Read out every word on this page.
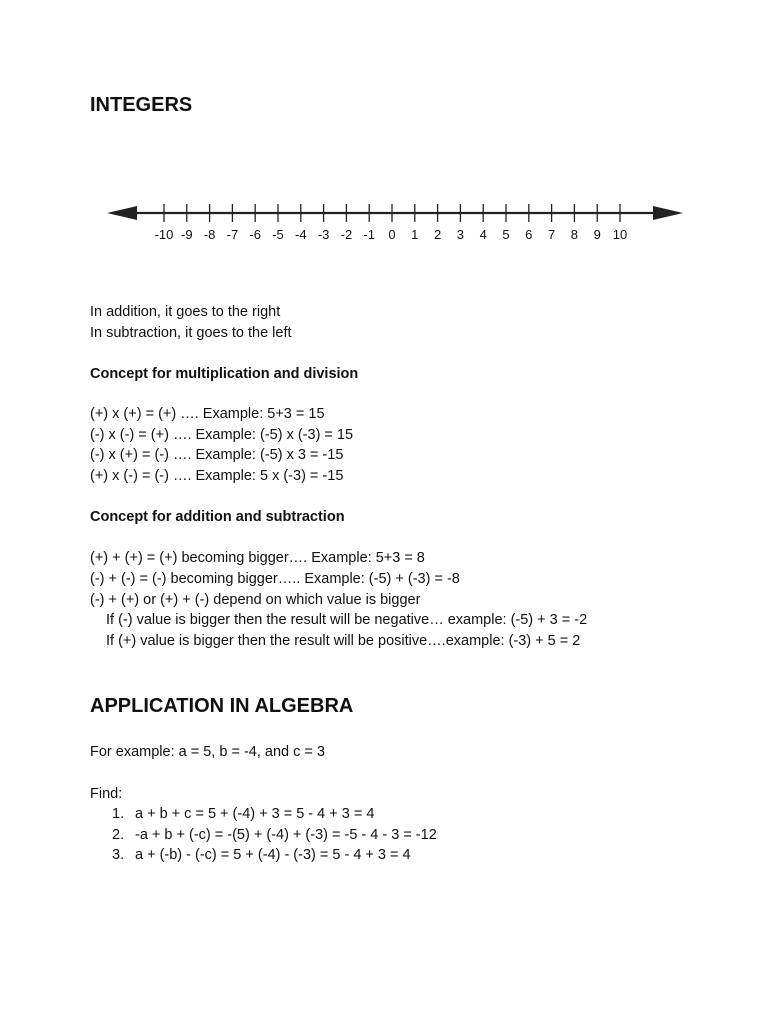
INTEGERS
In addition, it goes to the right
In subtraction, it goes to the left
Concept for multiplication and division
(+) x (+) = (+) …. Example: 5+3 = 15
(-) x (-) = (+) …. Example: (-5) x (-3) = 15
(-) x (+) = (-) …. Example: (-5) x 3 = -15
(+) x (-) = (-) …. Example: 5 x (-3) = -15
Concept for addition and subtraction
(+) + (+) = (+) becoming bigger…. Example: 5+3 = 8
(-) + (-) = (-) becoming bigger….. Example: (-5) + (-3) = -8
(-) + (+) or (+) + (-) depend on which value is bigger
If (-) value is bigger then the result will be negative… example: (-5) + 3 = -2
If (+) value is bigger then the result will be positive….example: (-3) + 5 = 2
APPLICATION IN ALGEBRA
For example: a = 5, b = -4, and c = 3
Find:
1. a + b + c = 5 + (-4) + 3 = 5 - 4 + 3 = 4
2. -a + b + (-c) = -(5) + (-4) + (-3) = -5 - 4 - 3 = -12
3. a + (-b) - (-c) = 5 + (-4) - (-3) = 5 - 4 + 3 = 4
-10 -9 -8 -7 -6 -5 -4 -3 -2 -1 0 1 2 3 4 5 6 7 8 9 10
